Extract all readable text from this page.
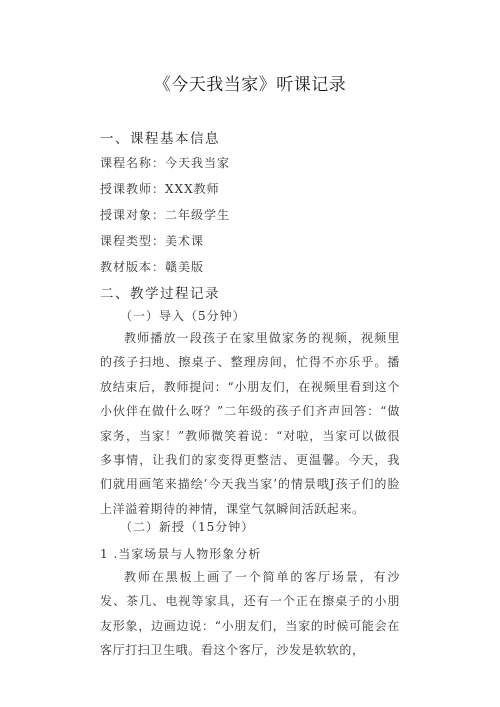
《今天我当家》听课记录
一、课程基本信息
课程名称：今天我当家
授课教师：XXX教师
授课对象：二年级学生
课程类型：美术课
教材版本：赣美版
二、教学过程记录
（一）导入（5分钟）

教师播放一段孩子在家里做家务的视频，视频里的孩子扫地、擦桌子、整理房间，忙得不亦乐乎。播放结束后，教师提问：“小朋友们，在视频里看到这个小伙伴在做什么呀？”二年级的孩子们齐声回答：“做家务，当家！”教师微笑着说：“对啦，当家可以做很多事情，让我们的家变得更整洁、更温馨。今天，我们就用画笔来描绘’今天我当家’的情景哦J孩子们的脸上洋溢着期待的神情，课堂气氛瞬间活跃起来。

（二）新授（15分钟）
1 .当家场景与人物形象分析

教师在黑板上画了一个简单的客厅场景，有沙发、茶几、电视等家具，还有一个正在擦桌子的小朋友形象，边画边说：“小朋友们，当家的时候可能会在客厅打扫卫生哦。看这个客厅，沙发是软软的，
